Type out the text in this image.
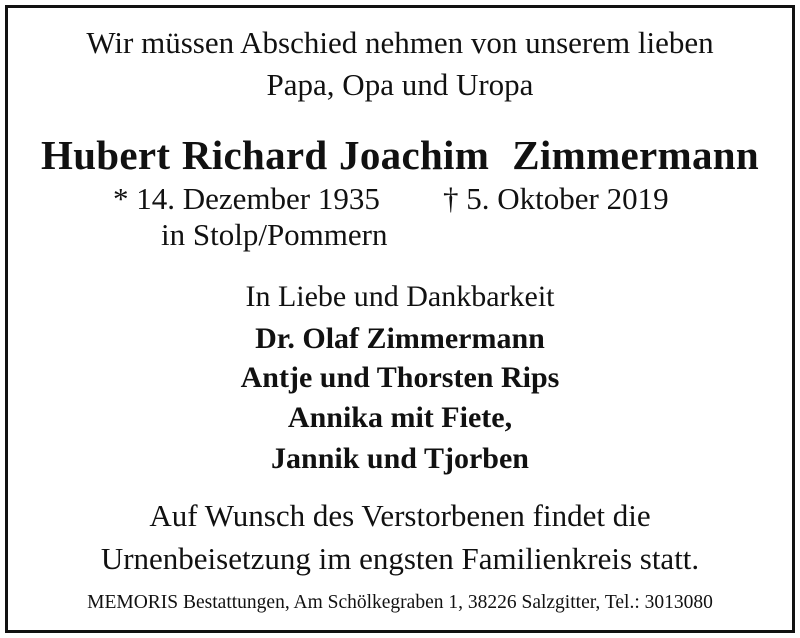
Wir müssen Abschied nehmen von unserem lieben
Papa, Opa und Uropa
Hubert Richard Joachim  Zimmermann
* 14. Dezember 1935 † 5. Oktober 2019
in Stolp/Pommern
In Liebe und Dankbarkeit
Dr. Olaf Zimmermann
Antje und Thorsten Rips
Annika mit Fiete,
Jannik und Tjorben
Auf Wunsch des Verstorbenen findet die
Urnenbeisetzung im engsten Familienkreis statt.
MEMORIS Bestattungen, Am Schölkegraben 1, 38226 Salzgitter, Tel.: 3013080
